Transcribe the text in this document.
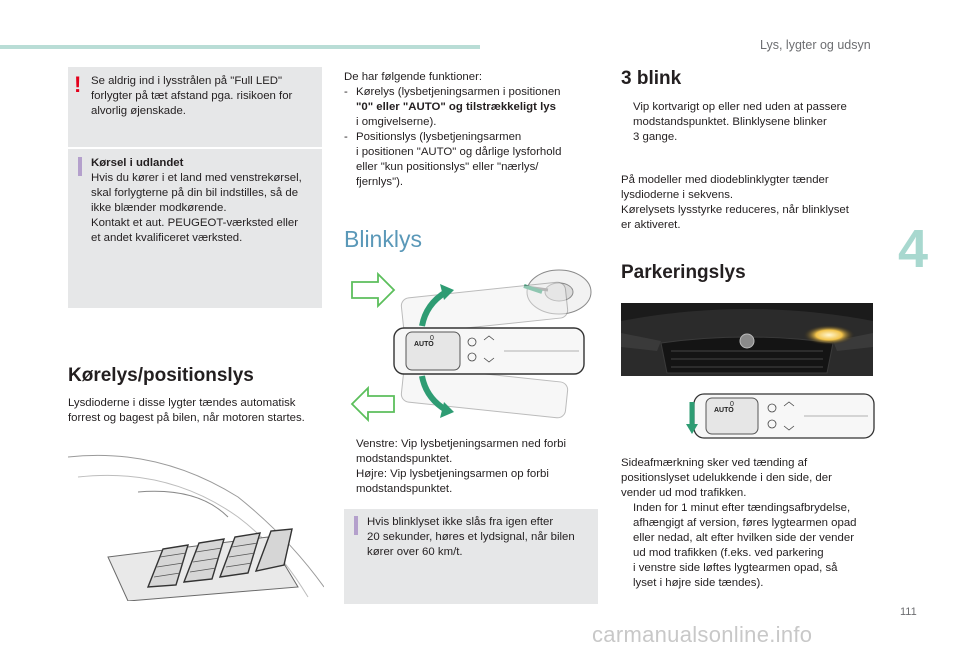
Lys, lygter og udsyn
4
111
carmanualsonline.info
! Se aldrig ind i lysstrålen på "Full LED"
forlygter på tæt afstand pga. risikoen for
alvorlig øjenskade.
Kørsel i udlandet
Hvis du kører i et land med venstrekørsel,
skal forlygterne på din bil indstilles, så de
ikke blænder modkørende.
Kontakt et aut. PEUGEOT-værksted eller
et andet kvalificeret værksted.
Kørelys/positionslys
Lysdioderne i disse lygter tændes automatisk
forrest og bagest på bilen, når motoren startes.
De har følgende funktioner:
- Kørelys (lysbetjeningsarmen i positionen
"0" eller "AUTO" og tilstrækkeligt lys
i omgivelserne).
- Positionslys (lysbetjeningsarmen
i positionen "AUTO" og dårlige lysforhold
eller "kun positionslys" eller "nærlys/
fjernlys").
Blinklys
AUTO
0
Venstre: Vip lysbetjeningsarmen ned forbi
modstandspunktet.
Højre: Vip lysbetjeningsarmen op forbi
modstandspunktet.
Hvis blinklyset ikke slås fra igen efter
20 sekunder, høres et lydsignal, når bilen
kører over 60 km/t.
3 blink
Vip kortvarigt op eller ned uden at passere
modstandspunktet. Blinklysene blinker
3 gange.
På modeller med diodeblinklygter tænder
lysdioderne i sekvens.
Kørelysets lysstyrke reduceres, når blinklyset
er aktiveret.
Parkeringslys
AUTO
0
Sideafmærkning sker ved tænding af
positionslyset udelukkende i den side, der
vender ud mod trafikken.
Inden for 1 minut efter tændingsafbrydelse,
afhængigt af version, føres lygtearmen opad
eller nedad, alt efter hvilken side der vender
ud mod trafikken (f.eks. ved parkering
i venstre side løftes lygtearmen opad, så
lyset i højre side tændes).
